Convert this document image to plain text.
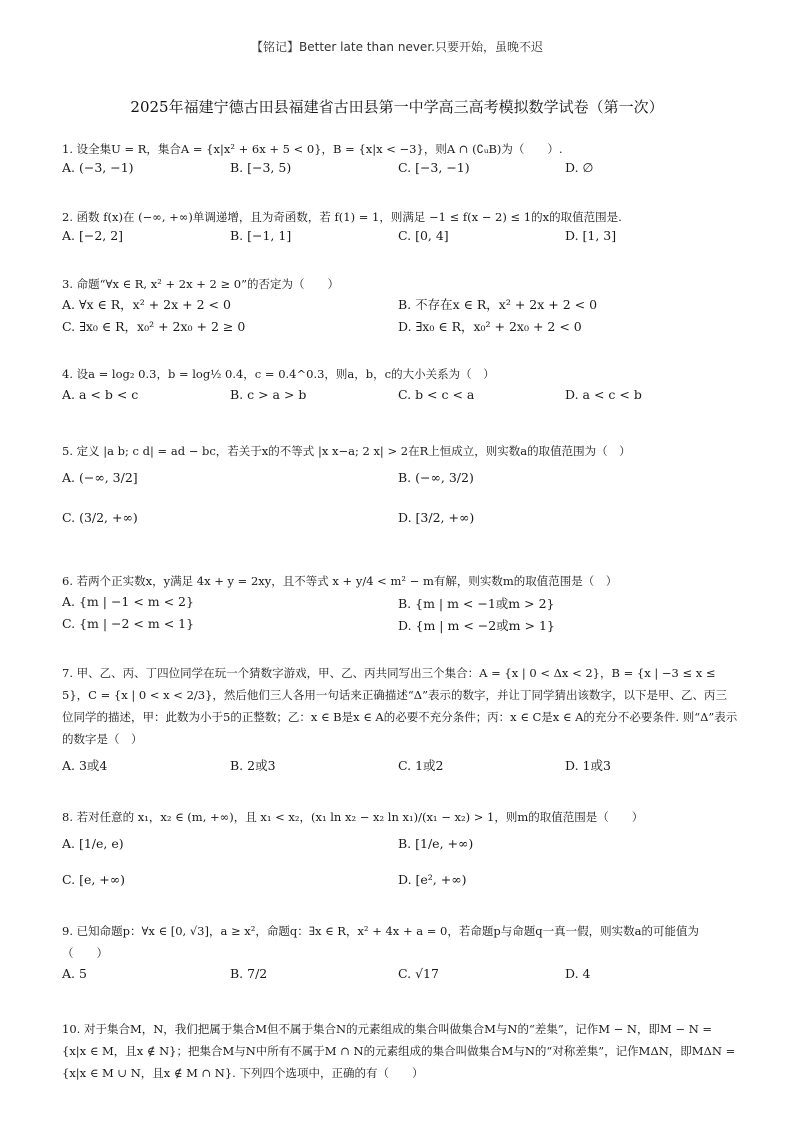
【铭记】Better late than never.只要开始，虽晚不迟
2025年福建宁德古田县福建省古田县第一中学高三高考模拟数学试卷（第一次）
1. 设全集U = R，集合A = {x|x² + 6x + 5 < 0}，B = {x|x < −3}，则A ∩ (∁ᵤB)为（　　）.
A. (−3, −1)	B. [−3, 5)	C. [−3, −1)	D. ∅
2. 函数 f(x)在 (−∞, +∞)单调递增，且为奇函数，若 f(1) = 1，则满足 −1 ≤ f(x − 2) ≤ 1的x的取值范围是.
A. [−2, 2]	B. [−1, 1]	C. [0, 4]	D. [1, 3]
3. 命题“∀x ∈ R, x² + 2x + 2 ≥ 0”的否定为（　　）
A. ∀x ∈ R，x² + 2x + 2 < 0	B. 不存在x ∈ R，x² + 2x + 2 < 0
C. ∃x₀ ∈ R，x₀² + 2x₀ + 2 ≥ 0	D. ∃x₀ ∈ R，x₀² + 2x₀ + 2 < 0
4. 设a = log₂ 0.3，b = log½ 0.4，c = 0.4^0.3，则a，b，c的大小关系为（　）
A. a < b < c	B. c > a > b	C. b < c < a	D. a < c < b
5. 定义 |a b; c d| = ad − bc，若关于x的不等式 |x x−a; 2 x| > 2在R上恒成立，则实数a的取值范围为（　）
A. (−∞, 3/2]	B. (−∞, 3/2)
C. (3/2, +∞)	D. [3/2, +∞)
6. 若两个正实数x，y满足 4x + y = 2xy，且不等式 x + y/4 < m² − m有解，则实数m的取值范围是（　）
A. {m | −1 < m < 2}	B. {m | m < −1或m > 2}
C. {m | −2 < m < 1}	D. {m | m < −2或m > 1}
7. 甲、乙、丙、丁四位同学在玩一个猜数字游戏，甲、乙、丙共同写出三个集合：A = {x | 0 < Δx < 2}，B = {x | −3 ≤ x ≤ 5}，C = {x | 0 < x < 2/3}，然后他们三人各用一句话来正确描述“Δ”表示的数字，并让丁同学猜出该数字，以下是甲、乙、丙三位同学的描述，甲：此数为小于5的正整数；乙：x ∈ B是x ∈ A的必要不充分条件；丙：x ∈ C是x ∈ A的充分不必要条件. 则“Δ”表示的数字是（　）
A. 3或4	B. 2或3	C. 1或2	D. 1或3
8. 若对任意的 x₁，x₂ ∈ (m, +∞)，且 x₁ < x₂，(x₁ ln x₂ − x₂ ln x₁)/(x₁ − x₂) > 1，则m的取值范围是（　　）
A. [1/e, e)	B. [1/e, +∞)
C. [e, +∞)	D. [e², +∞)
9. 已知命题p：∀x ∈ [0, √3]，a ≥ x²，命题q：∃x ∈ R，x² + 4x + a = 0，若命题p与命题q一真一假，则实数a的可能值为（　　）
A. 5	B. 7/2	C. √17	D. 4
10. 对于集合M，N，我们把属于集合M但不属于集合N的元素组成的集合叫做集合M与N的“差集”，记作M − N，即M − N = {x|x ∈ M，且x ∉ N}；把集合M与N中所有不属于M ∩ N的元素组成的集合叫做集合M与N的“对称差集”，记作MΔN，即MΔN = {x|x ∈ M ∪ N，且x ∉ M ∩ N}. 下列四个选项中，正确的有（　　）
